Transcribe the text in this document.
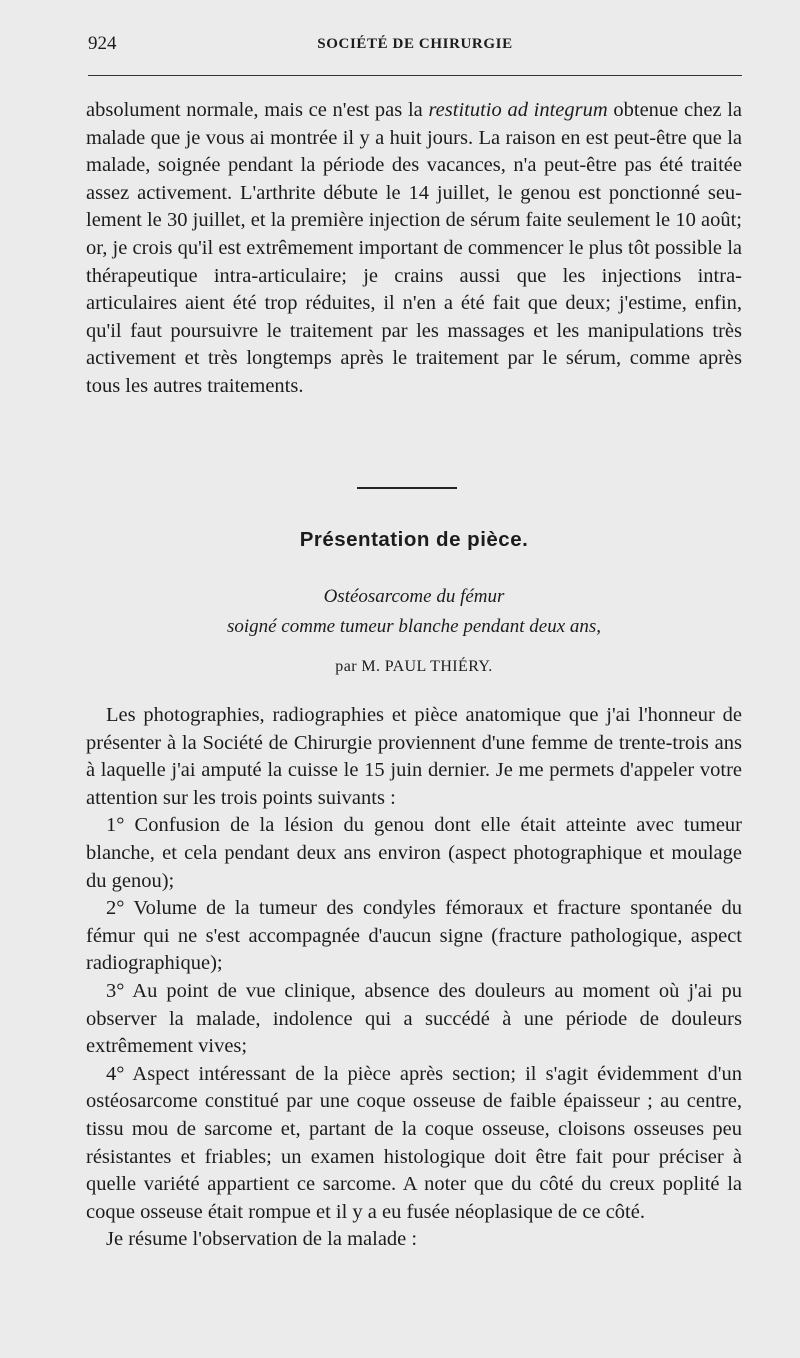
924	SOCIÉTÉ DE CHIRURGIE

absolument normale, mais ce n'est pas la restitutio ad integrum obtenue chez la malade que je vous ai montrée il y a huit jours. La raison en est peut-être que la malade, soignée pendant la période des vacances, n'a peut-être pas été traitée assez activement. L'arthrite débute le 14 juillet, le genou est ponctionné seulement le 30 juillet, et la première injection de sérum faite seulement le 10 août; or, je crois qu'il est extrêmement important de commencer le plus tôt possible la thérapeutique intra-articulaire; je crains aussi que les injections intra-articulaires aient été trop réduites, il n'en a été fait que deux; j'estime, enfin, qu'il faut poursuivre le traitement par les massages et les manipulations très activement et très longtemps après le traitement par le sérum, comme après tous les autres traitements.

Présentation de pièce.
Ostéosarcome du fémur
soigné comme tumeur blanche pendant deux ans,
par M. PAUL THIÉRY.

Les photographies, radiographies et pièce anatomique que j'ai l'honneur de présenter à la Société de Chirurgie proviennent d'une femme de trente-trois ans à laquelle j'ai amputé la cuisse le 15 juin dernier. Je me permets d'appeler votre attention sur les trois points suivants :

1° Confusion de la lésion du genou dont elle était atteinte avec tumeur blanche, et cela pendant deux ans environ (aspect photographique et moulage du genou);

2° Volume de la tumeur des condyles fémoraux et fracture spontanée du fémur qui ne s'est accompagnée d'aucun signe (fracture pathologique, aspect radiographique);

3° Au point de vue clinique, absence des douleurs au moment où j'ai pu observer la malade, indolence qui a succédé à une période de douleurs extrêmement vives;

4° Aspect intéressant de la pièce après section; il s'agit évidemment d'un ostéosarcome constitué par une coque osseuse de faible épaisseur ; au centre, tissu mou de sarcome et, partant de la coque osseuse, cloisons osseuses peu résistantes et friables; un examen histologique doit être fait pour préciser à quelle variété appartient ce sarcome. A noter que du côté du creux poplité la coque osseuse était rompue et il y a eu fusée néoplasique de ce côté.

Je résume l'observation de la malade :
